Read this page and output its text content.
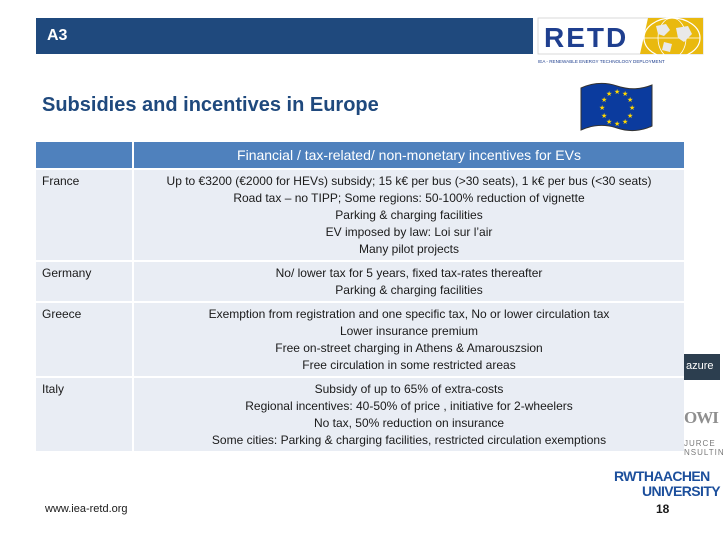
A3	RETD
IEA - RENEWABLE ENERGY TECHNOLOGY DEPLOYMENT
Subsidies and incentives in Europe
★ ★
★
★
★
★
★
★
★
★
★
★
azure
OWI
JURCE
NSULTIN
	Financial / tax-related/ non-monetary incentives for EVs
France	Up to €3200 (€2000 for HEVs) subsidy; 15 k€ per bus (>30 seats), 1 k€ per bus (<30 seats)
Road tax – no TIPP; Some regions: 50-100% reduction of vignette
Parking & charging facilities
EV imposed by law: Loi sur l’air
Many pilot projects

Germany	No/ lower tax for 5 years, fixed tax-rates thereafter
Parking & charging facilities

Greece	Exemption from registration and one specific tax, No or lower circulation tax
Lower insurance premium
Free on-street charging in Athens & Amarouszsion
Free circulation in some restricted areas

Italy	Subsidy of up to 65% of extra-costs
Regional incentives: 40-50% of price , initiative for 2-wheelers
No tax, 50% reduction on insurance
Some cities: Parking & charging facilities, restricted circulation exemptions
www.iea-retd.org
RWTHAACHEN
UNIVERSITY
18
